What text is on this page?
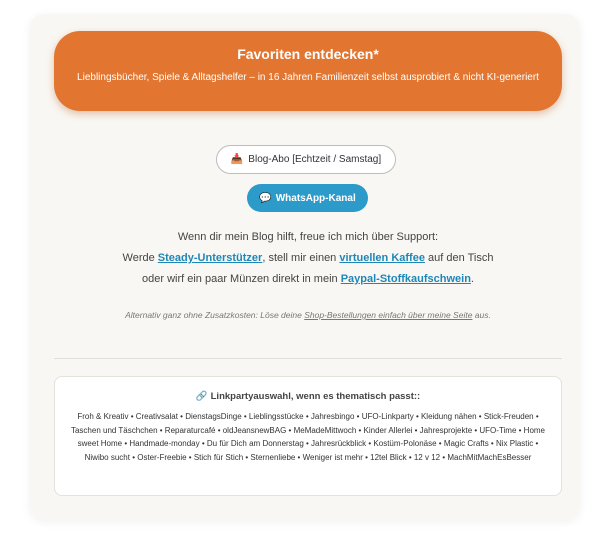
Favoriten entdecken*
Lieblingsbücher, Spiele & Alltagshelfer – in 16 Jahren Familienzeit selbst ausprobiert & nicht KI-generiert
📥 Blog-Abo [Echtzeit / Samstag]
💬 WhatsApp-Kanal
Wenn dir mein Blog hilft, freue ich mich über Support:
Werde Steady-Unterstützer, stell mir einen virtuellen Kaffee auf den Tisch
oder wirf ein paar Münzen direkt in mein Paypal-Stoffkaufschwein.
Alternativ ganz ohne Zusatzkosten: Löse deine Shop-Bestellungen einfach über meine Seite aus.
🔗 Linkpartyauswahl, wenn es thematisch passt::
Froh & Kreativ • Creativsalat • DienstagsDinge • Lieblingsstücke • Jahresbingo • UFO-Linkparty • Kleidung nähen • Stick-Freuden • Taschen und Täschchen • Reparaturcafé • oldJeansnewBAG • MeMadeMittwoch • Kinder Allerlei • Jahresprojekte • UFO-Time • Home sweet Home • Handmade-monday • Du für Dich am Donnerstag • Jahresrückblick • Kostüm-Polonäse • Magic Crafts • Nix Plastic • Niwibo sucht • Oster-Freebie • Stich für Stich • Sternenliebe • Weniger ist mehr • 12tel Blick • 12 v 12 • MachMitMachEsBesser
